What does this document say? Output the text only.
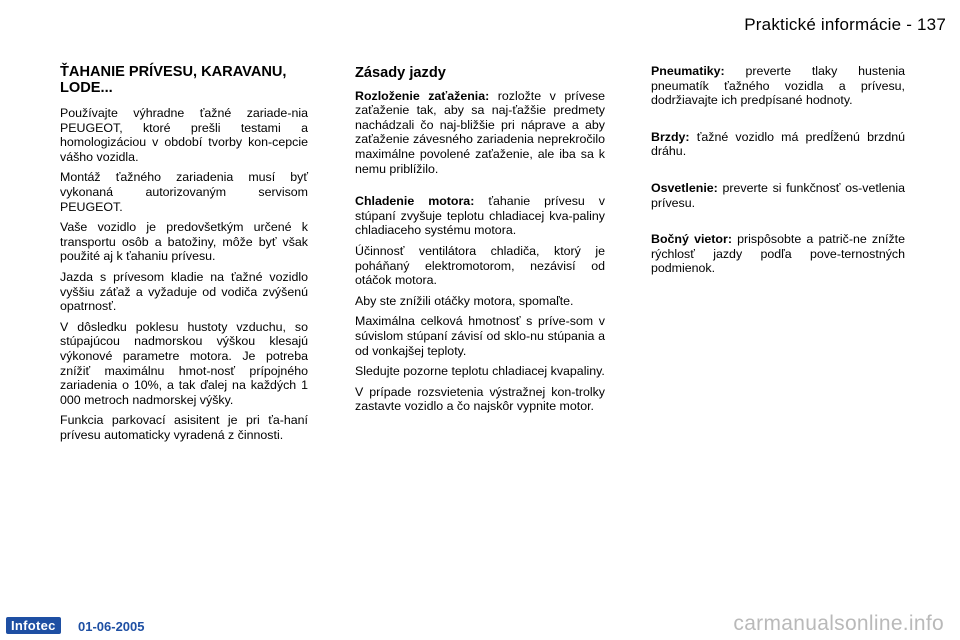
Praktické informácie - 137
ŤAHANIE PRÍVESU, KARAVANU, LODE...

Používajte výhradne ťažné zariade-nia PEUGEOT, ktoré prešli testami a homologizáciou v období tvorby kon-cepcie vášho vozidla.

Montáž ťažného zariadenia musí byť vykonaná autorizovaným servisom PEUGEOT.

Vaše vozidlo je predovšetkým určené k transportu osôb a batožiny, môže byť však použité aj k ťahaniu prívesu.

Jazda s prívesom kladie na ťažné vozidlo vyššiu záťaž a vyžaduje od vodiča zvýšenú opatrnosť.

V dôsledku poklesu hustoty vzduchu, so stúpajúcou nadmorskou výškou klesajú výkonové parametre motora. Je potreba znížiť maximálnu hmot-nosť prípojného zariadenia o 10%, a tak ďalej na každých 1 000 metroch nadmorskej výšky.

Funkcia parkovací asisitent je pri ťa-haní prívesu automaticky vyradená z činnosti.

Zásady jazdy

Rozloženie zaťaženia: rozložte v prívese zaťaženie tak, aby sa naj-ťažšie predmety nachádzali čo naj-bližšie pri náprave a aby zaťaženie závesného zariadenia neprekročilo maximálne povolené zaťaženie, ale iba sa k nemu priblížilo.

Chladenie motora: ťahanie prívesu v stúpaní zvyšuje teplotu chladiacej kva-paliny chladiaceho systému motora.

Účinnosť ventilátora chladiča, ktorý je poháňaný elektromotorom, nezávisí od otáčok motora.

Aby ste znížili otáčky motora, spomaľte.

Maximálna celková hmotnosť s príve-som v súvislom stúpaní závisí od sklo-nu stúpania a od vonkajšej teploty.

Sledujte pozorne teplotu chladiacej kvapaliny.

V prípade rozsvietenia výstražnej kon-trolky zastavte vozidlo a čo najskôr vypnite motor.

Pneumatiky: preverte tlaky hustenia pneumatík ťažného vozidla a prívesu, dodržiavajte ich predpísané hodnoty.

Brzdy: ťažné vozidlo má predĺženú brzdnú dráhu.

Osvetlenie: preverte si funkčnosť os-vetlenia prívesu.

Bočný vietor: prispôsobte a patrič-ne znížte rýchlosť jazdy podľa pove-ternostných podmienok.

Infotec	01-06-2005	carmanualsonline.info
